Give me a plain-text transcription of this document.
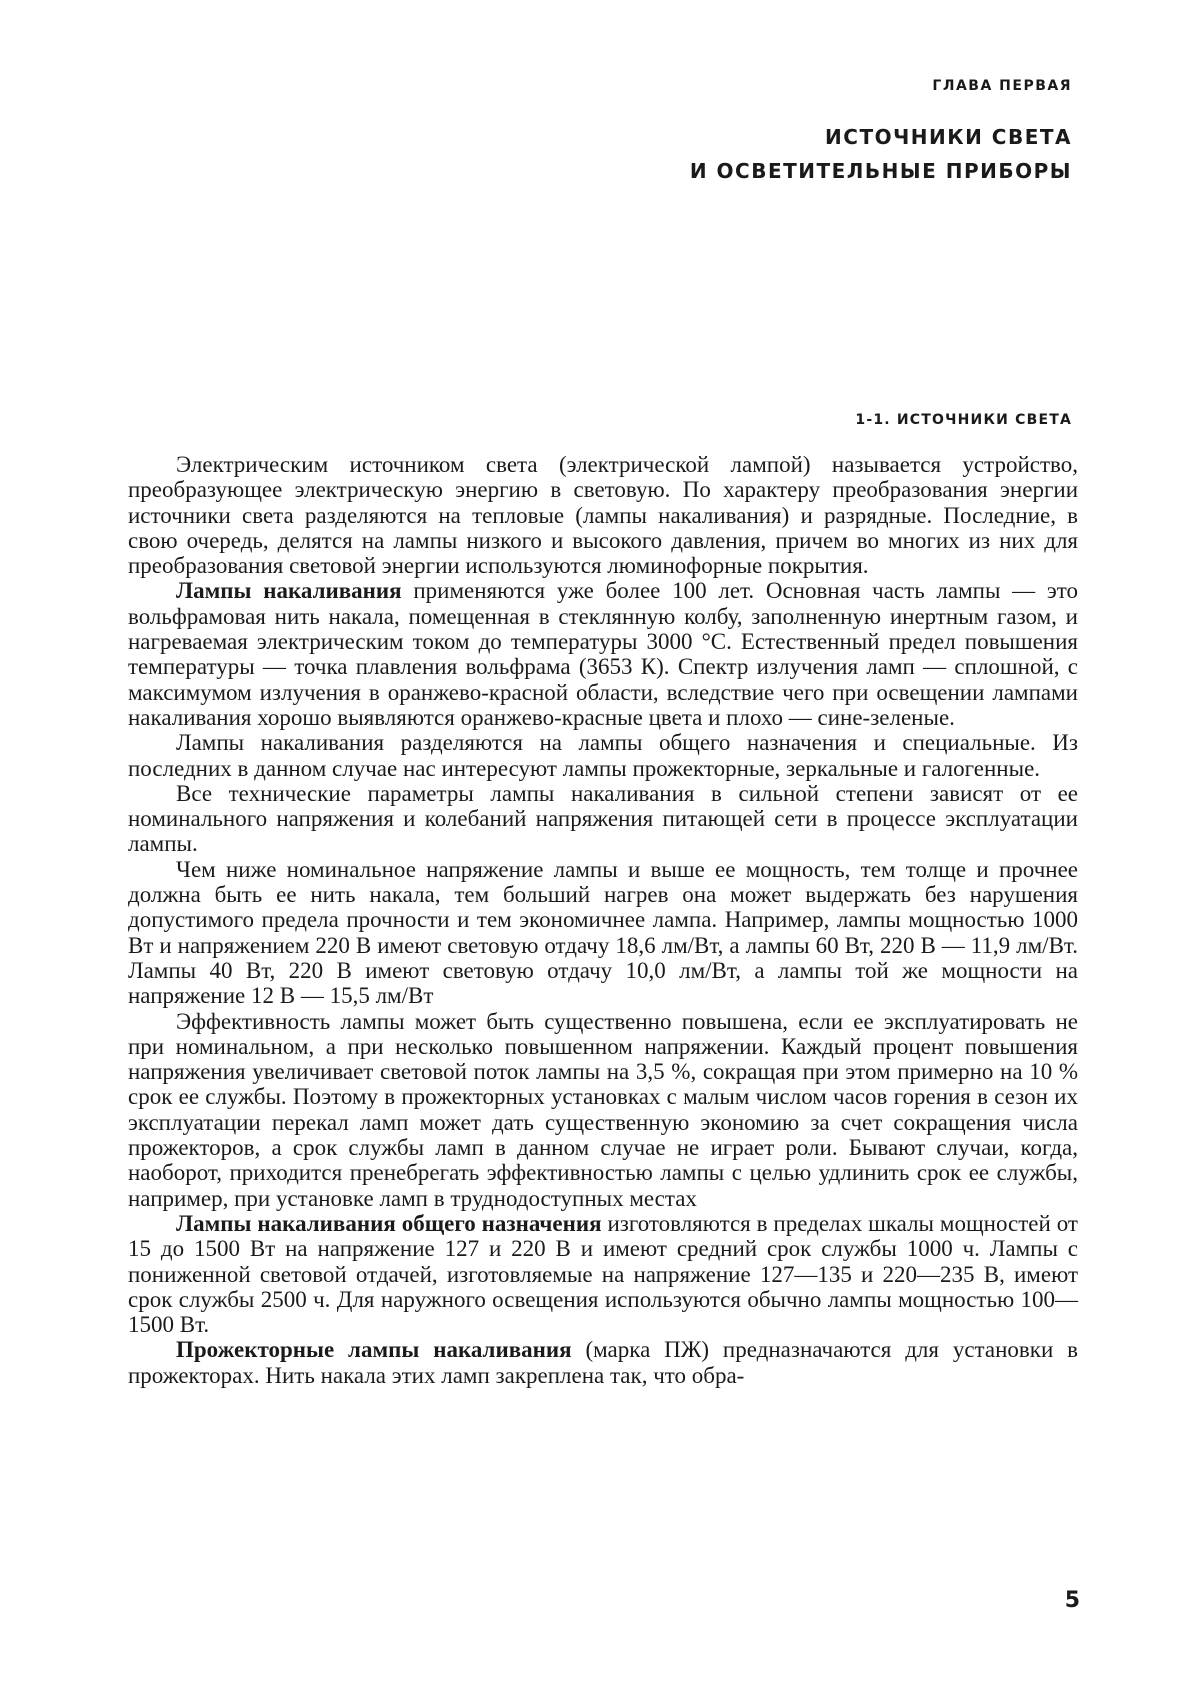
ГЛАВА ПЕРВАЯ
ИСТОЧНИКИ СВЕТА
И ОСВЕТИТЕЛЬНЫЕ ПРИБОРЫ
1-1. ИСТОЧНИКИ СВЕТА

Электрическим источником света (электрической лампой) называется устройство, преобразующее электрическую энергию в световую. По характеру преобразования энергии источники света разделяются на тепловые (лампы накаливания) и разрядные. Последние, в свою очередь, делятся на лампы низкого и высокого давления, причем во многих из них для преобразования световой энергии используются люминофорные покрытия.

Лампы накаливания применяются уже более 100 лет. Основная часть лампы — это вольфрамовая нить накала, помещенная в стеклянную колбу, заполненную инертным газом, и нагреваемая электрическим током до температуры 3000 °С. Естественный предел повышения температуры — точка плавления вольфрама (3653 К). Спектр излучения ламп — сплошной, с максимумом излучения в оранжево-красной области, вследствие чего при освещении лампами накаливания хорошо выявляются оранжево-красные цвета и плохо — сине-зеленые.

Лампы накаливания разделяются на лампы общего назначения и специальные. Из последних в данном случае нас интересуют лампы прожекторные, зеркальные и галогенные.

Все технические параметры лампы накаливания в сильной степени зависят от ее номинального напряжения и колебаний напряжения питающей сети в процессе эксплуатации лампы.

Чем ниже номинальное напряжение лампы и выше ее мощность, тем толще и прочнее должна быть ее нить накала, тем больший нагрев она может выдержать без нарушения допустимого предела прочности и тем экономичнее лампа. Например, лампы мощностью 1000 Вт и напряжением 220 В имеют световую отдачу 18,6 лм/Вт, а лампы 60 Вт, 220 В — 11,9 лм/Вт. Лампы 40 Вт, 220 В имеют световую отдачу 10,0 лм/Вт, а лампы той же мощности на напряжение 12 В — 15,5 лм/Вт

Эффективность лампы может быть существенно повышена, если ее эксплуатировать не при номинальном, а при несколько повышенном напряжении. Каждый процент повышения напряжения увеличивает световой поток лампы на 3,5 %, сокращая при этом примерно на 10 % срок ее службы. Поэтому в прожекторных установках с малым числом часов горения в сезон их эксплуатации перекал ламп может дать существенную экономию за счет сокращения числа прожекторов, а срок службы ламп в данном случае не играет роли. Бывают случаи, когда, наоборот, приходится пренебрегать эффективностью лампы с целью удлинить срок ее службы, например, при установке ламп в труднодоступных местах

Лампы накаливания общего назначения изготовляются в пределах шкалы мощностей от 15 до 1500 Вт на напряжение 127 и 220 В и имеют средний срок службы 1000 ч. Лампы с пониженной световой отдачей, изготовляемые на напряжение 127—135 и 220—235 В, имеют срок службы 2500 ч. Для наружного освещения используются обычно лампы мощностью 100—1500 Вт.

Прожекторные лампы накаливания (марка ПЖ) предназначаются для установки в прожекторах. Нить накала этих ламп закреплена так, что обра-

5
